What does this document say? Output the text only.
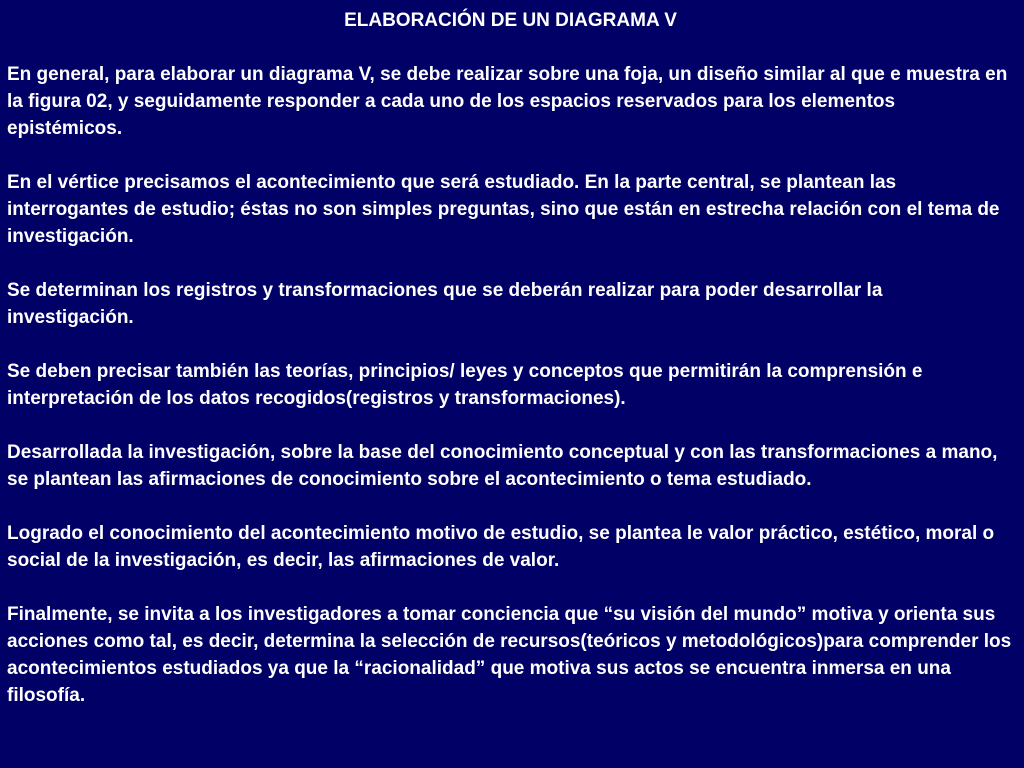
ELABORACIÓN DE UN DIAGRAMA V
En general, para elaborar un diagrama V, se debe realizar sobre una foja, un diseño similar al que e muestra en la figura 02, y seguidamente responder a cada uno de los espacios reservados para los elementos epistémicos.
En el vértice precisamos el acontecimiento que será estudiado. En la parte central, se plantean las interrogantes de estudio; éstas no son simples preguntas, sino que están en estrecha relación con el tema de investigación.
Se determinan los registros y transformaciones que se deberán realizar para poder desarrollar la investigación.
Se deben precisar también las teorías, principios/ leyes y conceptos que permitirán la comprensión e interpretación de los datos recogidos(registros y transformaciones).
Desarrollada la investigación, sobre la base del conocimiento conceptual y con las transformaciones a mano, se plantean las afirmaciones de conocimiento sobre el acontecimiento o tema estudiado.
Logrado el conocimiento del acontecimiento motivo de estudio, se plantea le valor práctico, estético, moral o social de la investigación, es decir, las afirmaciones de valor.
Finalmente, se invita a los investigadores a tomar conciencia que “su visión del mundo” motiva y orienta sus acciones como tal, es decir, determina la selección de recursos(teóricos y metodológicos)para comprender los acontecimientos estudiados ya que la “racionalidad” que motiva sus actos se encuentra inmersa en una filosofía.
